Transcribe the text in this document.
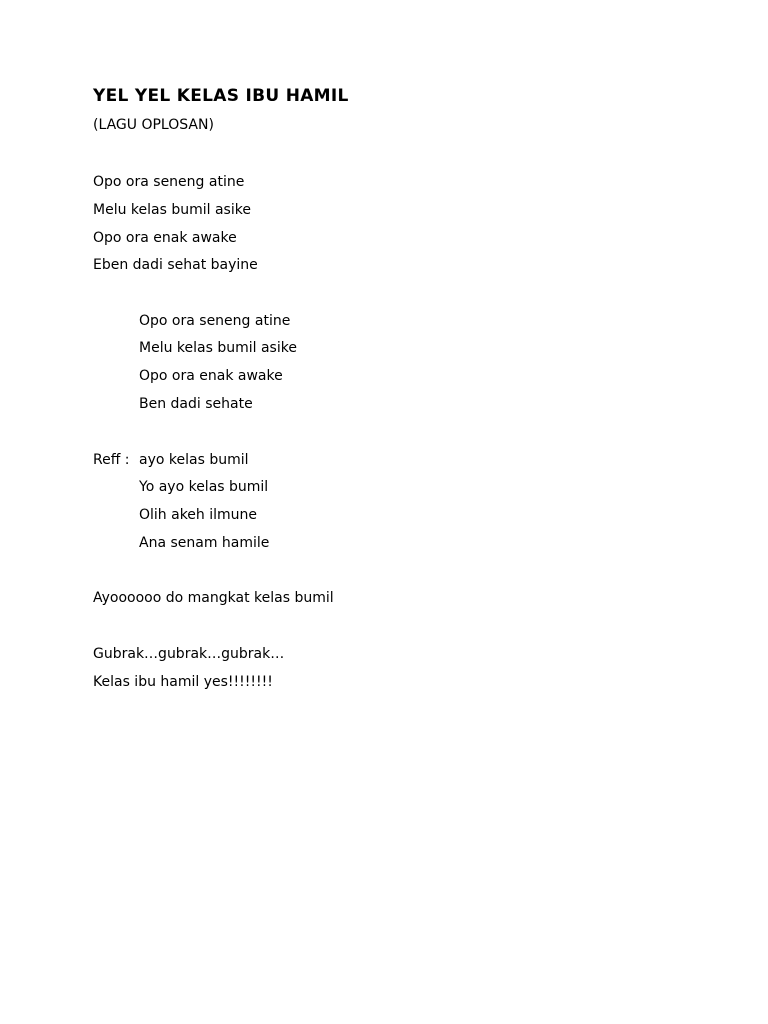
YEL YEL KELAS IBU HAMIL
(LAGU OPLOSAN)
Opo ora seneng atine
Melu kelas bumil asike
Opo ora enak awake
Eben dadi sehat bayine
Opo ora seneng atine
Melu kelas bumil asike
Opo ora enak awake
Ben dadi sehate
Reff : ayo kelas bumil
Yo ayo kelas bumil
Olih akeh ilmune
Ana senam hamile
Ayoooooo do mangkat kelas bumil
Gubrak…gubrak…gubrak…
Kelas ibu hamil yes!!!!!!!!
